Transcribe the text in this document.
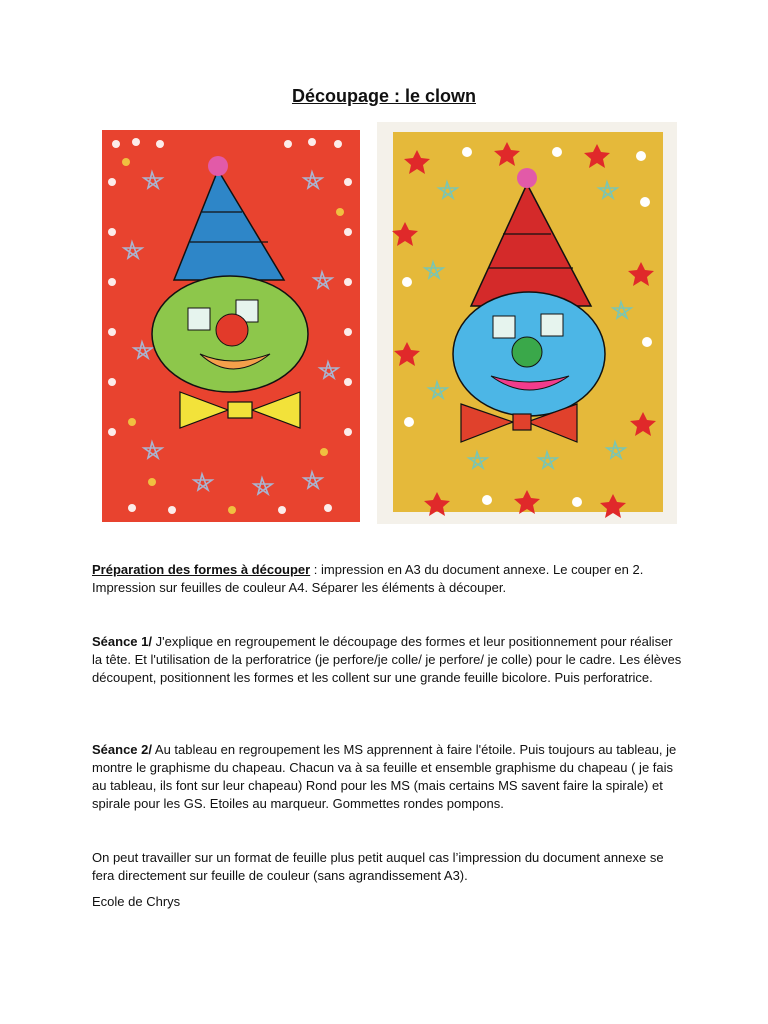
Découpage : le clown

Préparation des formes à découper : impression en A3 du document annexe. Le couper en 2. Impression sur feuilles de couleur A4. Séparer les éléments à découper.

Séance 1/ J'explique en regroupement le découpage des formes et leur positionnement pour réaliser la tête. Et l'utilisation de la perforatrice (je perfore/je colle/ je perfore/ je colle) pour le cadre. Les élèves découpent, positionnent les formes et les collent sur une grande feuille bicolore. Puis perforatrice.

Séance 2/ Au tableau en regroupement les MS apprennent à faire l'étoile. Puis toujours au tableau, je montre le graphisme du chapeau. Chacun va à sa feuille et ensemble graphisme du chapeau ( je fais au tableau, ils font sur leur chapeau) Rond pour les MS (mais certains MS savent faire la spirale) et spirale pour les GS. Etoiles au marqueur. Gommettes rondes pompons.

On peut travailler sur un format de feuille plus petit auquel cas l’impression du document annexe se fera directement sur feuille de couleur (sans agrandissement A3).

Ecole de Chrys
